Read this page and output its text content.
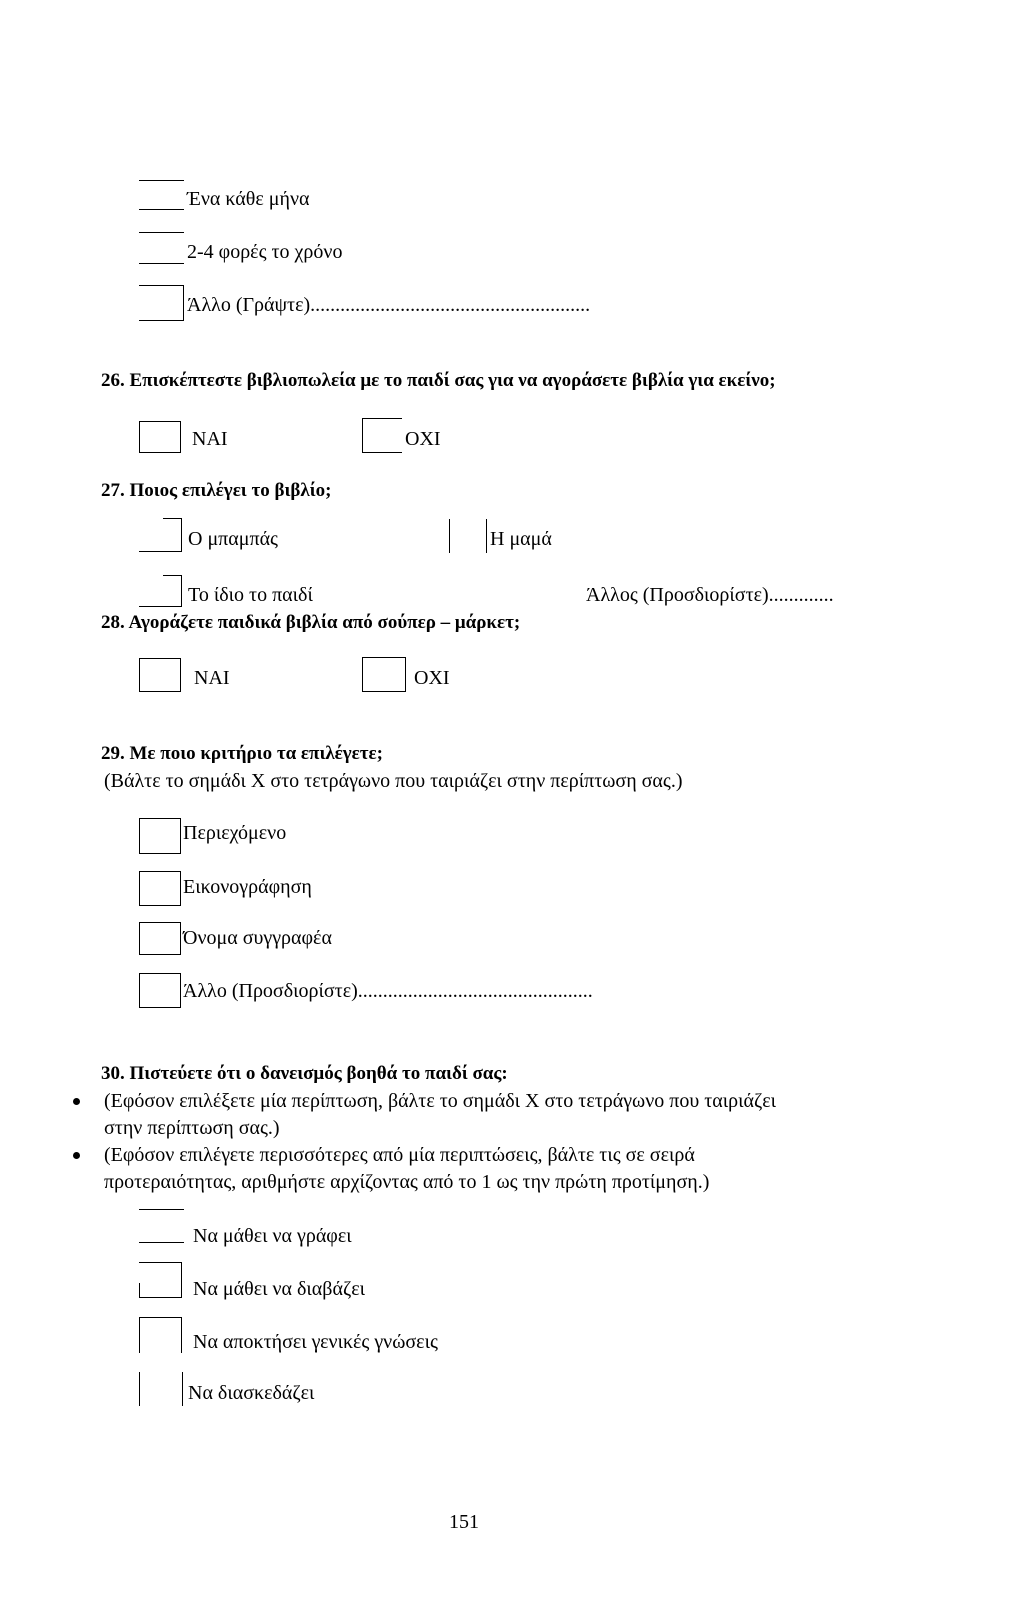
Ένα κάθε μήνα
2-4 φορές το χρόνο
Άλλο (Γράψτε)........................................................
26. Επισκέπτεστε βιβλιοπωλεία με το παιδί σας για να αγοράσετε βιβλία για εκείνο;
ΝΑΙ	ΟΧΙ
27. Ποιος επιλέγει το βιβλίο;
Ο μπαμπάς	Η μαμά
Το ίδιο το παιδί	Άλλος (Προσδιορίστε).............
28. Αγοράζετε παιδικά βιβλία από σούπερ – μάρκετ;
ΝΑΙ	ΟΧΙ
29. Με ποιο κριτήριο τα επιλέγετε;
(Βάλτε το σημάδι Χ στο τετράγωνο που ταιριάζει στην περίπτωση σας.)
Περιεχόμενο
Εικονογράφηση
Όνομα συγγραφέα
Άλλο (Προσδιορίστε)...............................................
30. Πιστεύετε ότι ο δανεισμός βοηθά το παιδί σας:
(Εφόσον επιλέξετε μία περίπτωση, βάλτε το σημάδι Χ στο τετράγωνο που ταιριάζει
στην περίπτωση σας.)
(Εφόσον επιλέγετε περισσότερες από μία περιπτώσεις, βάλτε τις σε σειρά
προτεραιότητας, αριθμήστε αρχίζοντας από το 1 ως την πρώτη προτίμηση.)
Να μάθει να γράφει
Να μάθει να διαβάζει
Να αποκτήσει γενικές γνώσεις
Να διασκεδάζει
151
